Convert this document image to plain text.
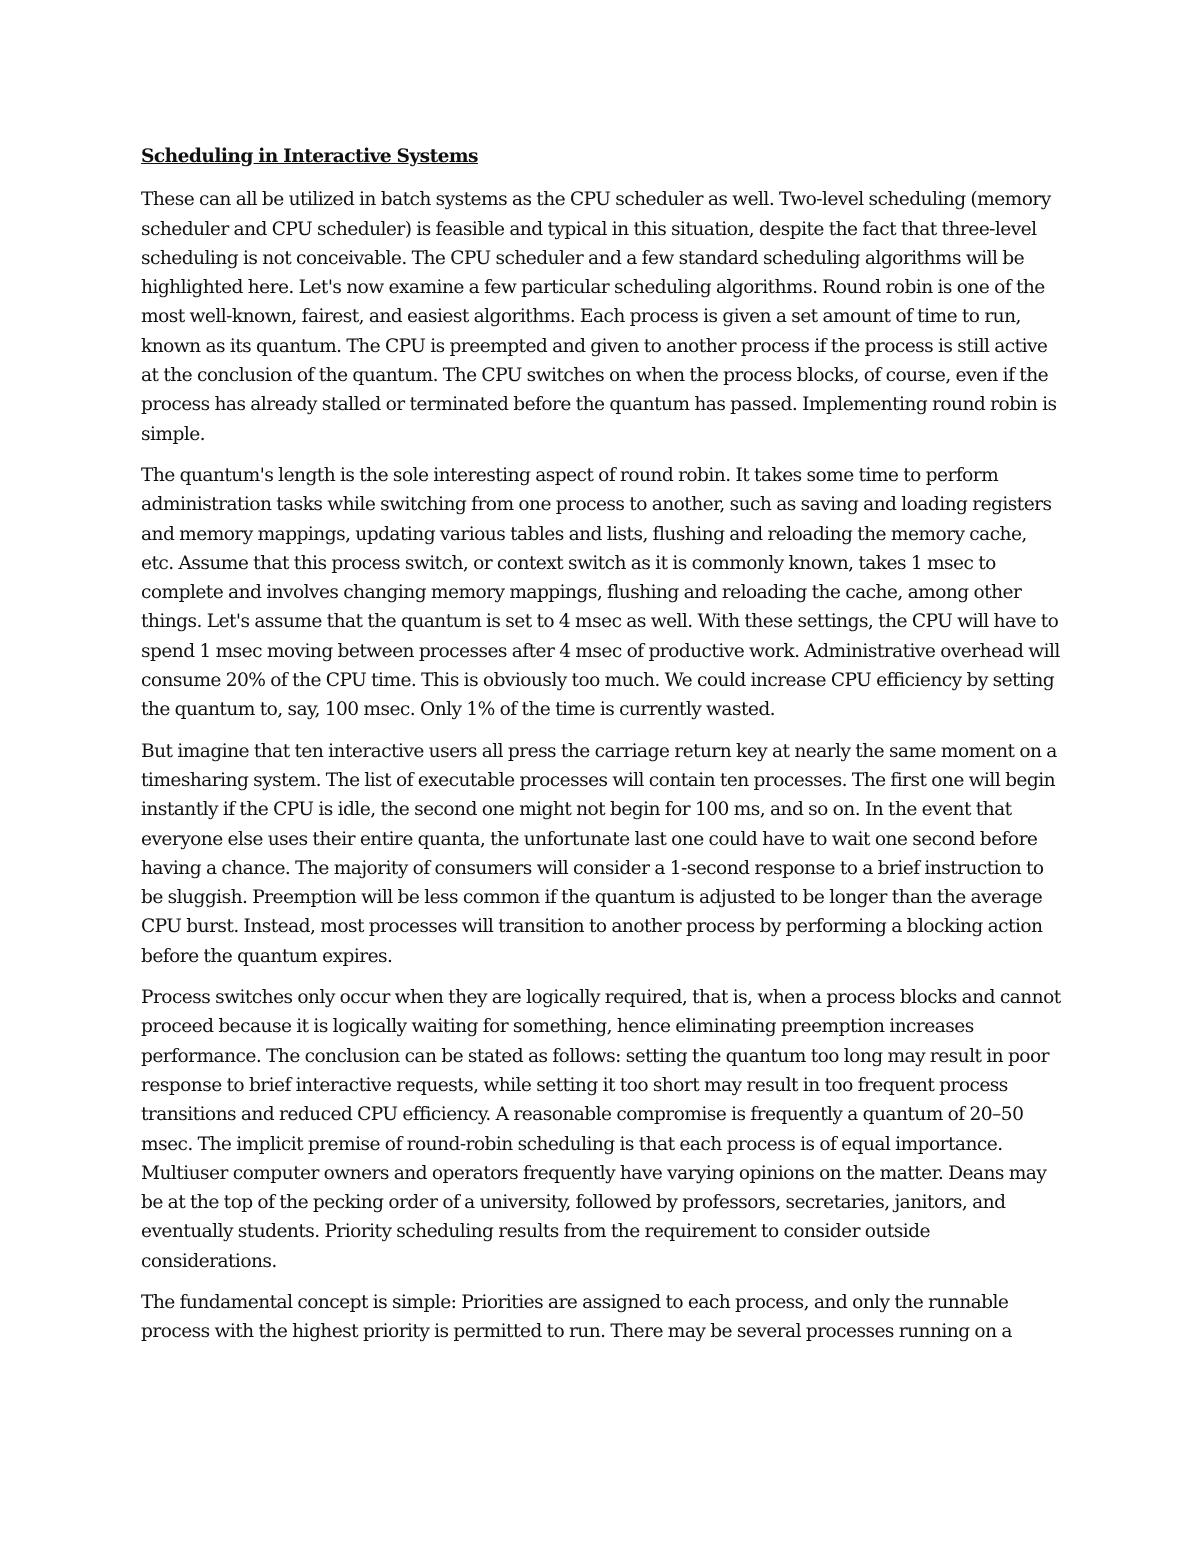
Scheduling in Interactive Systems

These can all be utilized in batch systems as the CPU scheduler as well. Two-level scheduling (memory scheduler and CPU scheduler) is feasible and typical in this situation, despite the fact that three-level scheduling is not conceivable. The CPU scheduler and a few standard scheduling algorithms will be highlighted here. Let's now examine a few particular scheduling algorithms. Round robin is one of the most well-known, fairest, and easiest algorithms. Each process is given a set amount of time to run, known as its quantum. The CPU is preempted and given to another process if the process is still active at the conclusion of the quantum. The CPU switches on when the process blocks, of course, even if the process has already stalled or terminated before the quantum has passed. Implementing round robin is simple.

The quantum's length is the sole interesting aspect of round robin. It takes some time to perform administration tasks while switching from one process to another, such as saving and loading registers and memory mappings, updating various tables and lists, flushing and reloading the memory cache, etc. Assume that this process switch, or context switch as it is commonly known, takes 1 msec to complete and involves changing memory mappings, flushing and reloading the cache, among other things. Let's assume that the quantum is set to 4 msec as well. With these settings, the CPU will have to spend 1 msec moving between processes after 4 msec of productive work. Administrative overhead will consume 20% of the CPU time. This is obviously too much. We could increase CPU efficiency by setting the quantum to, say, 100 msec. Only 1% of the time is currently wasted.

But imagine that ten interactive users all press the carriage return key at nearly the same moment on a timesharing system. The list of executable processes will contain ten processes. The first one will begin instantly if the CPU is idle, the second one might not begin for 100 ms, and so on. In the event that everyone else uses their entire quanta, the unfortunate last one could have to wait one second before having a chance. The majority of consumers will consider a 1-second response to a brief instruction to be sluggish. Preemption will be less common if the quantum is adjusted to be longer than the average CPU burst. Instead, most processes will transition to another process by performing a blocking action before the quantum expires.

Process switches only occur when they are logically required, that is, when a process blocks and cannot proceed because it is logically waiting for something, hence eliminating preemption increases performance. The conclusion can be stated as follows: setting the quantum too long may result in poor response to brief interactive requests, while setting it too short may result in too frequent process transitions and reduced CPU efficiency. A reasonable compromise is frequently a quantum of 20–50 msec. The implicit premise of round-robin scheduling is that each process is of equal importance. Multiuser computer owners and operators frequently have varying opinions on the matter. Deans may be at the top of the pecking order of a university, followed by professors, secretaries, janitors, and eventually students. Priority scheduling results from the requirement to consider outside considerations.

The fundamental concept is simple: Priorities are assigned to each process, and only the runnable process with the highest priority is permitted to run. There may be several processes running on a
